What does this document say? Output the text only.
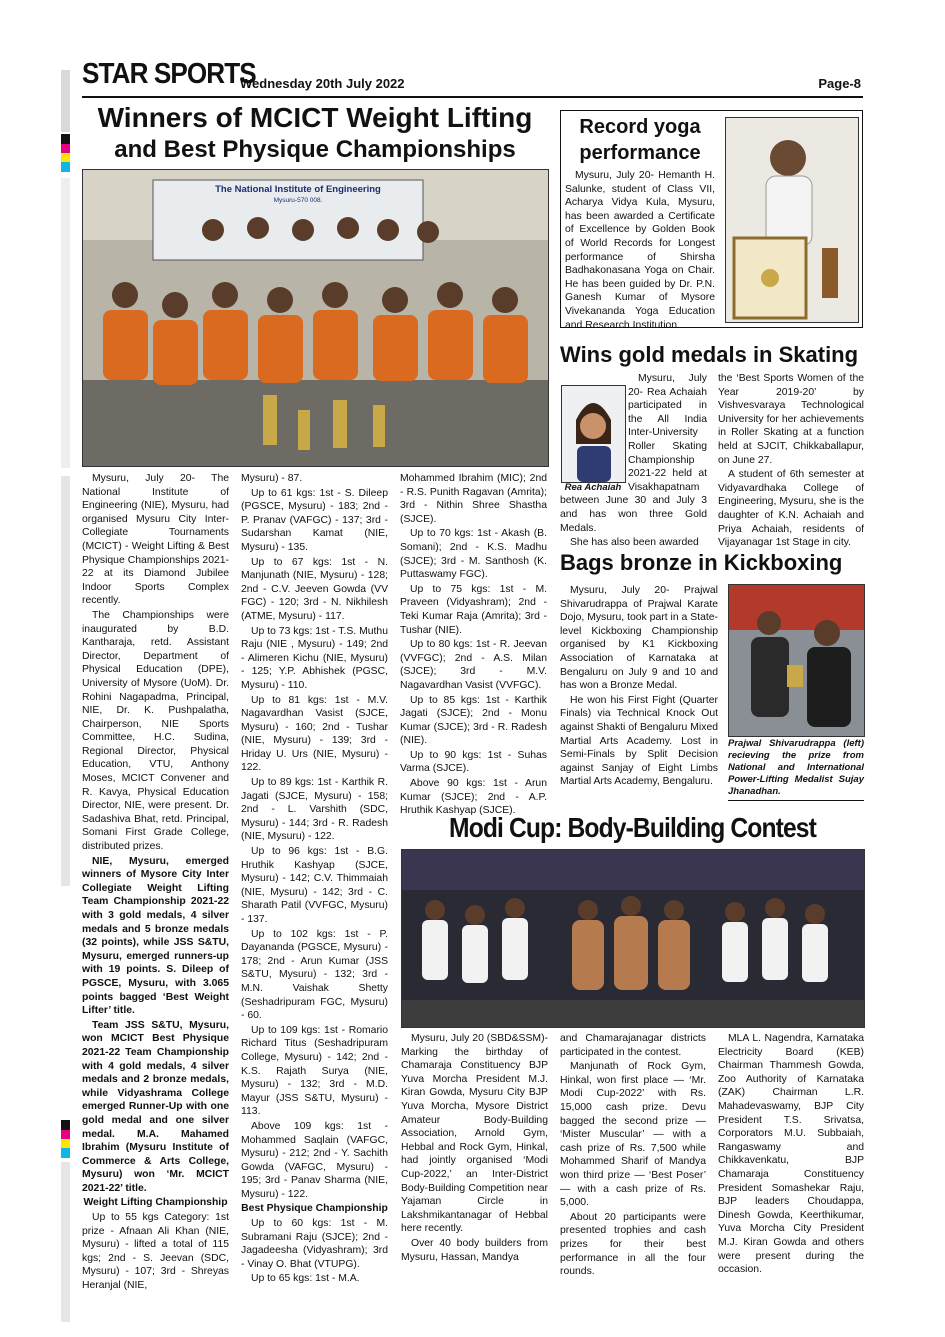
STAR SPORTS
Wednesday 20th July 2022	Page-8
Winners of MCICT Weight Lifting
and Best Physique Championships
The National Institute of Engineering
Mysuru-570 008.

Mysuru, July 20- The National Institute of Engineering (NIE), Mysuru, had organised Mysuru City Inter-Collegiate Tournaments (MCICT) - Weight Lifting & Best Physique Championships 2021-22 at its Diamond Jubilee Indoor Sports Complex recently.

The Championships were inaugurated by B.D. Kantharaja, retd. Assistant Director, Department of Physical Education (DPE), University of Mysore (UoM). Dr. Rohini Nagapadma, Principal, NIE, Dr. K. Pushpalatha, Chairperson, NIE Sports Committee, H.C. Sudina, Regional Director, Physical Education, VTU, Anthony Moses, MCICT Convener and R. Kavya, Physical Education Director, NIE, were present. Dr. Sadashiva Bhat, retd. Principal, Somani First Grade College, distributed prizes.

NIE, Mysuru, emerged winners of Mysore City Inter Collegiate Weight Lifting Team Championship 2021-22 with 3 gold medals, 4 silver medals and 5 bronze medals (32 points), while JSS S&TU, Mysuru, emerged runners-up with 19 points. S. Dileep of PGSCE, Mysuru, with 3.065 points bagged ‘Best Weight Lifter’ title.

Team JSS S&TU, Mysuru, won MCICT Best Physique 2021-22 Team Championship with 4 gold medals, 4 silver medals and 2 bronze medals, while Vidyashrama College emerged Runner-Up with one gold medal and one silver medal. M.A. Mahamed Ibrahim (Mysuru Institute of Commerce & Arts College, Mysuru) won ‘Mr. MCICT 2021-22’ title.

Weight Lifting Championship

Up to 55 kgs Category: 1st prize - Afnaan Ali Khan (NIE, Mysuru) - lifted a total of 115 kgs; 2nd - S. Jeevan (SDC, Mysuru) - 107; 3rd - Shreyas Heranjal (NIE,

Mysuru) - 87.

Up to 61 kgs: 1st - S. Dileep (PGSCE, Mysuru) - 183; 2nd - P. Pranav (VAFGC) - 137; 3rd - Sudarshan Kamat (NIE, Mysuru) - 135.

Up to 67 kgs: 1st - N. Manjunath (NIE, Mysuru) - 128; 2nd - C.V. Jeeven Gowda (VV FGC) - 120; 3rd - N. Nikhilesh (ATME, Mysuru) - 117.

Up to 73 kgs: 1st - T.S. Muthu Raju (NIE , Mysuru) - 149; 2nd - Alimeren Kichu (NIE, Mysuru) - 125; Y.P. Abhishek (PGSC, Mysuru) - 110.

Up to 81 kgs: 1st - M.V. Nagavardhan Vasist (SJCE, Mysuru) - 160; 2nd - Tushar (NIE, Mysuru) - 139; 3rd - Hriday U. Urs (NIE, Mysuru) - 122.

Up to 89 kgs: 1st - Karthik R. Jagati (SJCE, Mysuru) - 158; 2nd - L. Varshith (SDC, Mysuru) - 144; 3rd - R. Radesh (NIE, Mysuru) - 122.

Up to 96 kgs: 1st - B.G. Hruthik Kashyap (SJCE, Mysuru) - 142; C.V. Thimmaiah (NIE, Mysuru) - 142; 3rd - C. Sharath Patil (VVFGC, Mysuru) - 137.

Up to 102 kgs: 1st - P. Dayananda (PGSCE, Mysuru) - 178; 2nd - Arun Kumar (JSS S&TU, Mysuru) - 132; 3rd - M.N. Vaishak Shetty (Seshadripuram FGC, Mysuru) - 60.

Up to 109 kgs: 1st - Romario Richard Titus (Seshadripuram College, Mysuru) - 142; 2nd - K.S. Rajath Surya (NIE, Mysuru) - 132; 3rd - M.D. Mayur (JSS S&TU, Mysuru) - 113.

Above 109 kgs: 1st - Mohammed Saqlain (VAFGC, Mysuru) - 212; 2nd - Y. Sachith Gowda (VAFGC, Mysuru) - 195; 3rd - Panav Sharma (NIE, Mysuru) - 122.

Best Physique Championship

Up to 60 kgs: 1st - M. Subramani Raju (SJCE); 2nd - Jagadeesha (Vidyashram); 3rd - Vinay O. Bhat (VTUPG).

Up to 65 kgs: 1st - M.A.

Mohammed Ibrahim (MIC); 2nd - R.S. Punith Ragavan (Amrita); 3rd - Nithin Shree Shastha (SJCE).

Up to 70 kgs: 1st - Akash (B. Somani); 2nd - K.S. Madhu (SJCE); 3rd - M. Santhosh (K. Puttaswamy FGC).

Up to 75 kgs: 1st - M. Praveen (Vidyashram); 2nd - Teki Kumar Raja (Amrita); 3rd - Tushar (NIE).

Up to 80 kgs: 1st - R. Jeevan (VVFGC); 2nd - A.S. Milan (SJCE); 3rd - M.V. Nagavardhan Vasist (VVFGC).

Up to 85 kgs: 1st - Karthik Jagati (SJCE); 2nd - Monu Kumar (SJCE); 3rd - R. Radesh (NIE).

Up to 90 kgs: 1st - Suhas Varma (SJCE).

Above 90 kgs: 1st - Arun Kumar (SJCE); 2nd - A.P. Hruthik Kashyap (SJCE).

Record yoga
performance

Mysuru, July 20- Hemanth H. Salunke, student of Class VII, Acharya Vidya Kula, Mysuru, has been awarded a Certificate of Excellence by Golden Book of World Records for Longest performance of Shirsha Badhakonasana Yoga on Chair. He has been guided by Dr. P.N. Ganesh Kumar of Mysore Vivekananda Yoga Education and Research Institution.

Wins gold medals in Skating
Rea Achaiah

Mysuru, July 20- Rea Achaiah participated in the All India Inter-University Roller Skating Championship 2021-22 held at Visakhapatnam between June 30 and July 3 and has won three Gold Medals.

She has also been awarded

the ‘Best Sports Women of the Year 2019-20’ by Vishvesvaraya Technological University for her achievements in Roller Skating at a function held at SJCIT, Chikkaballapur, on June 27.

A student of 6th semester at Vidyavardhaka College of Engineering, Mysuru, she is the daughter of K.N. Achaiah and Priya Achaiah, residents of Vijayanagar 1st Stage in city.

Bags bronze in Kickboxing

Mysuru, July 20- Prajwal Shivarudrappa of Prajwal Karate Dojo, Mysuru, took part in a State-level Kickboxing Championship organised by K1 Kickboxing Association of Karnataka at Bengaluru on July 9 and 10 and has won a Bronze Medal.

He won his First Fight (Quarter Finals) via Technical Knock Out against Shakti of Bengaluru Mixed Martial Arts Academy. Lost in Semi-Finals by Split Decision against Sanjay of Eight Limbs Martial Arts Academy, Bengaluru.

Prajwal Shivarudrappa (left) recieving the prize from National and International Power-Lifting Medalist Sujay Jhanadhan.
Modi Cup: Body-Building Contest

Mysuru, July 20 (SBD&SSM)- Marking the birthday of Chamaraja Constituency BJP Yuva Morcha President M.J. Kiran Gowda, Mysuru City BJP Yuva Morcha, Mysore District Amateur Body-Building Association, Arnold Gym, Hebbal and Rock Gym, Hinkal, had jointly organised ‘Modi Cup-2022,’ an Inter-District Body-Building Competition near Yajaman Circle in Lakshmikantanagar of Hebbal here recently.

Over 40 body builders from Mysuru, Hassan, Mandya

and Chamarajanagar districts participated in the contest.

Manjunath of Rock Gym, Hinkal, won first place — ‘Mr. Modi Cup-2022’ with Rs. 15,000 cash prize. Devu bagged the second prize — ‘Mister Muscular’ — with a cash prize of Rs. 7,500 while Mohammed Sharif of Mandya won third prize — ‘Best Poser’ — with a cash prize of Rs. 5,000.

About 20 participants were presented trophies and cash prizes for their best performance in all the four rounds.

MLA L. Nagendra, Karnataka Electricity Board (KEB) Chairman Thammesh Gowda, Zoo Authority of Karnataka (ZAK) Chairman L.R. Mahadevaswamy, BJP City President T.S. Srivatsa, Corporators M.U. Subbaiah, Rangaswamy and Chikkavenkatu, BJP Chamaraja Constituency President Somashekar Raju, BJP leaders Choudappa, Dinesh Gowda, Keerthikumar, Yuva Morcha City President M.J. Kiran Gowda and others were present during the occasion.
